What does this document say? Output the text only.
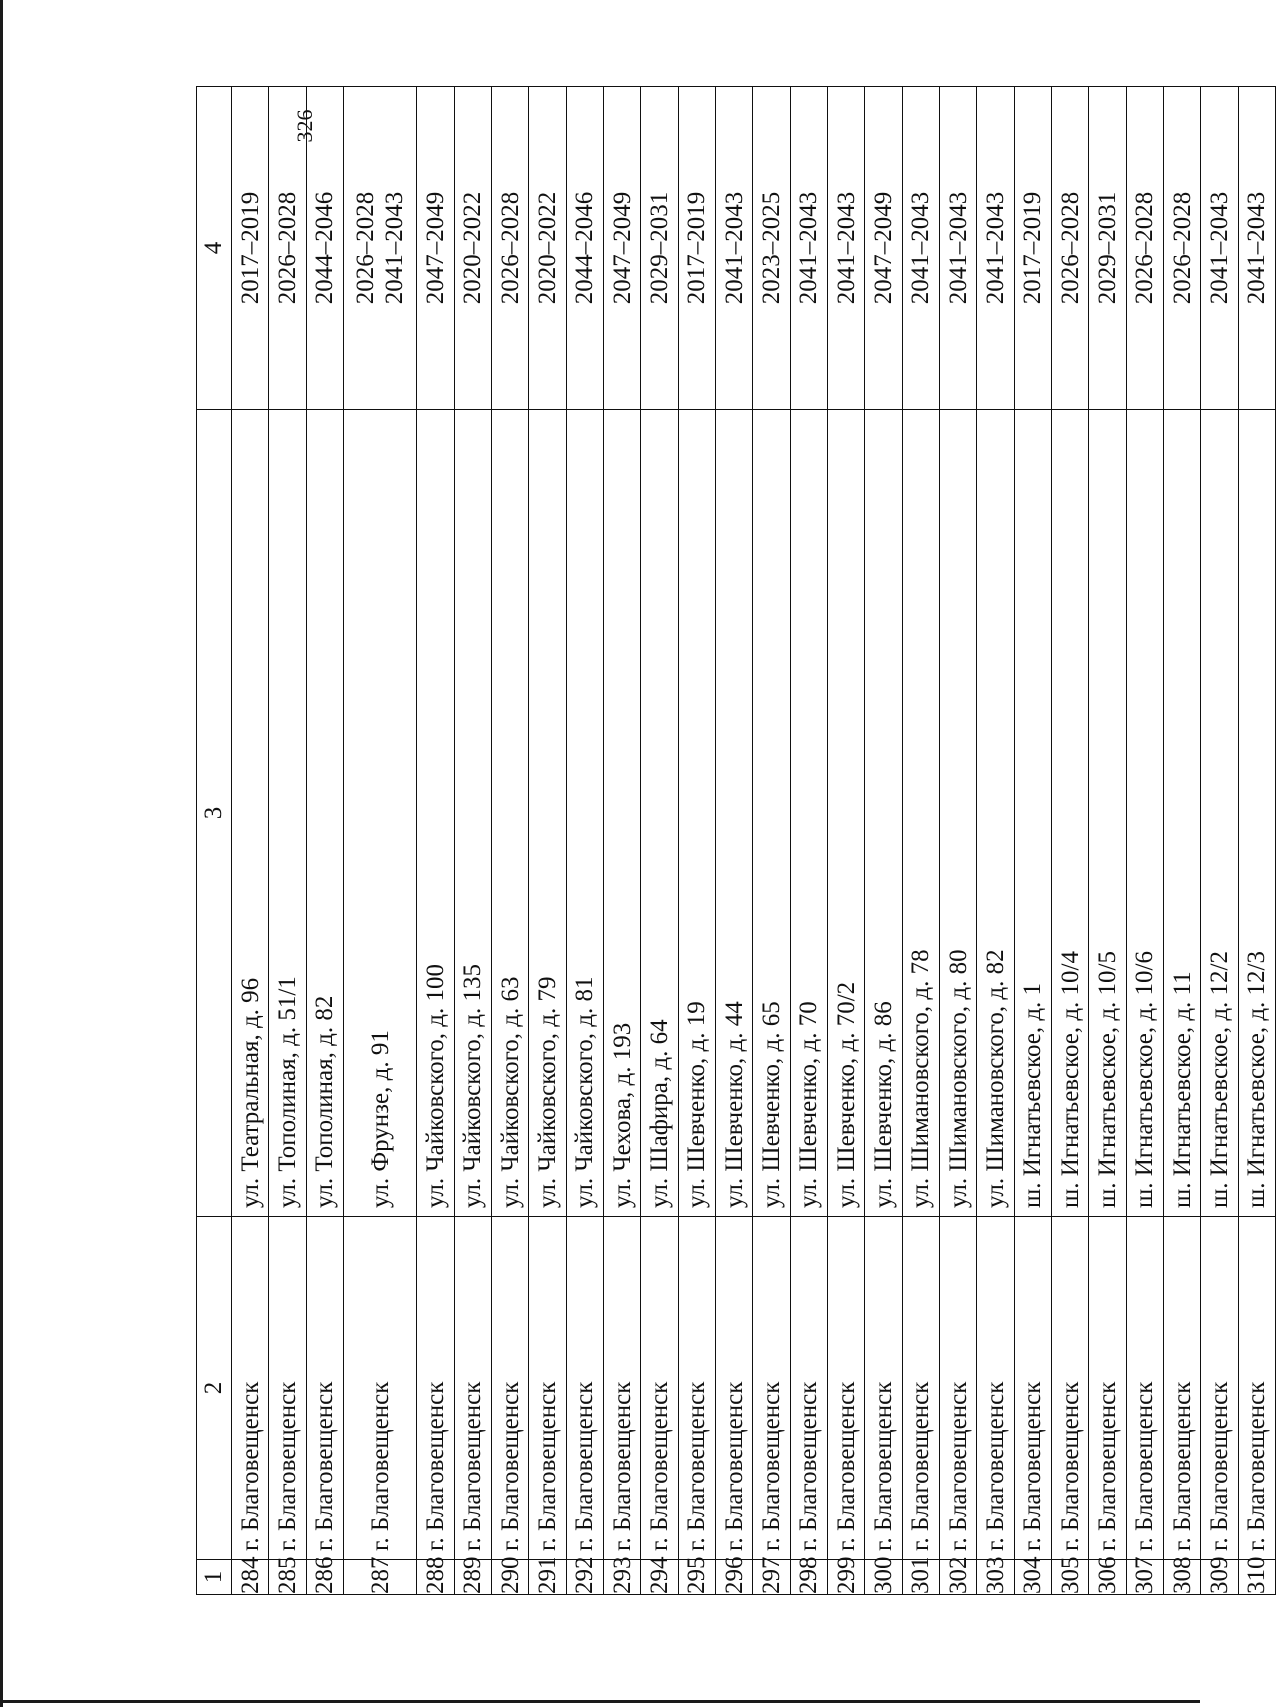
326
1	2	3	4
284	г. Благовещенск	ул. Театральная, д. 96	2017–2019

285	г. Благовещенск	ул. Тополиная, д. 51/1	2026–2028

286	г. Благовещенск	ул. Тополиная, д. 82	2044–2046

287	г. Благовещенск	ул. Фрунзе, д. 91	2026–2028 2041–2043

288	г. Благовещенск	ул. Чайковского, д. 100	2047–2049

289	г. Благовещенск	ул. Чайковского, д. 135	2020–2022

290	г. Благовещенск	ул. Чайковского, д. 63	2026–2028

291	г. Благовещенск	ул. Чайковского, д. 79	2020–2022

292	г. Благовещенск	ул. Чайковского, д. 81	2044–2046

293	г. Благовещенск	ул. Чехова, д. 193	2047–2049

294	г. Благовещенск	ул. Шафира, д. 64	2029–2031

295	г. Благовещенск	ул. Шевченко, д. 19	2017–2019

296	г. Благовещенск	ул. Шевченко, д. 44	2041–2043

297	г. Благовещенск	ул. Шевченко, д. 65	2023–2025

298	г. Благовещенск	ул. Шевченко, д. 70	2041–2043

299	г. Благовещенск	ул. Шевченко, д. 70/2	2041–2043

300	г. Благовещенск	ул. Шевченко, д. 86	2047–2049

301	г. Благовещенск	ул. Шимановского, д. 78	2041–2043

302	г. Благовещенск	ул. Шимановского, д. 80	2041–2043

303	г. Благовещенск	ул. Шимановского, д. 82	2041–2043

304	г. Благовещенск	ш. Игнатьевское, д. 1	2017–2019

305	г. Благовещенск	ш. Игнатьевское, д. 10/4	2026–2028

306	г. Благовещенск	ш. Игнатьевское, д. 10/5	2029–2031

307	г. Благовещенск	ш. Игнатьевское, д. 10/6	2026–2028

308	г. Благовещенск	ш. Игнатьевское, д. 11	2026–2028

309	г. Благовещенск	ш. Игнатьевское, д. 12/2	2041–2043

310	г. Благовещенск	ш. Игнатьевское, д. 12/3	2041–2043
